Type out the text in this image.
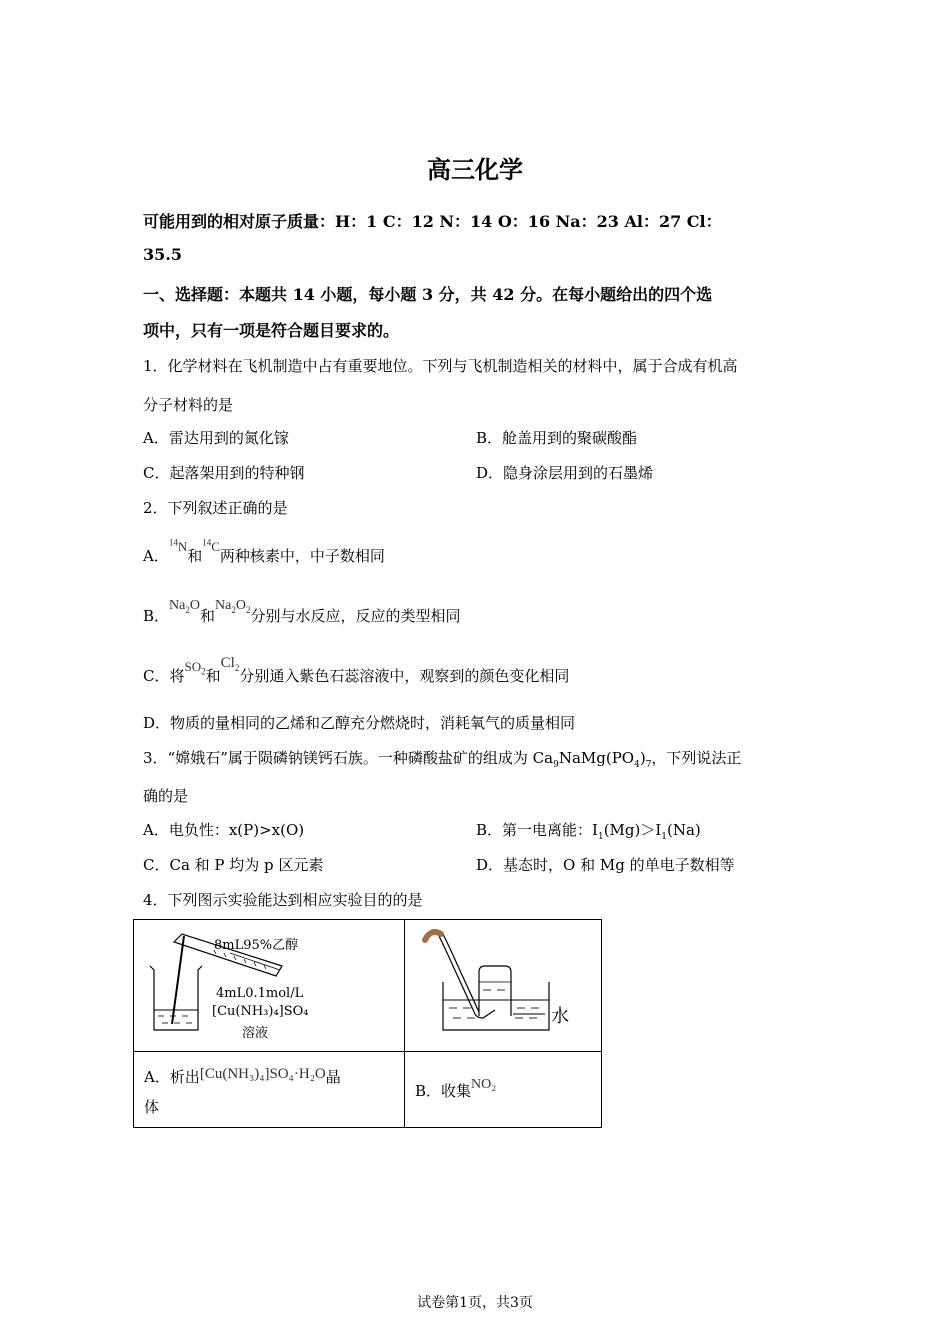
高三化学
可能用到的相对原子质量：H：1 C：12 N：14 O：16 Na：23 Al：27 Cl：
35.5
一、选择题：本题共 14 小题，每小题 3 分，共 42 分。在每小题给出的四个选
项中，只有一项是符合题目要求的。
1．化学材料在飞机制造中占有重要地位。下列与飞机制造相关的材料中，属于合成有机高
分子材料的是
A．雷达用到的氮化镓	B．舱盖用到的聚碳酸酯
C．起落架用到的特种钢	D．隐身涂层用到的石墨烯
2．下列叙述正确的是
A．$^{14}$N和$^{14}$C两种核素中，中子数相同
B．$Na_2O$和$Na_2O_2$分别与水反应，反应的类型相同
C．将$SO_2$和$Cl_2$分别通入紫色石蕊溶液中，观察到的颜色变化相同
D．物质的量相同的乙烯和乙醇充分燃烧时，消耗氧气的质量相同
3．“嫦娥石”属于陨磷钠镁钙石族。一种磷酸盐矿的组成为 $Ca_9NaMg(PO_4)_7$，下列说法正
确的是
A．电负性：x(P)>x(O)	B．第一电离能：$I_1(Mg)>I_1(Na)$
C．Ca 和 P 均为 p 区元素	D．基态时，O 和 Mg 的单电子数相等
4．下列图示实验能达到相应实验目的的是
8mL95%乙醇
4mL0.1mol/L
[Cu(NH₃)₄]SO₄
溶液	水

A．析出[Cu(NH₃)₄]SO₄·H₂O晶
体	B．收集NO₂
试卷第1页，共3页
